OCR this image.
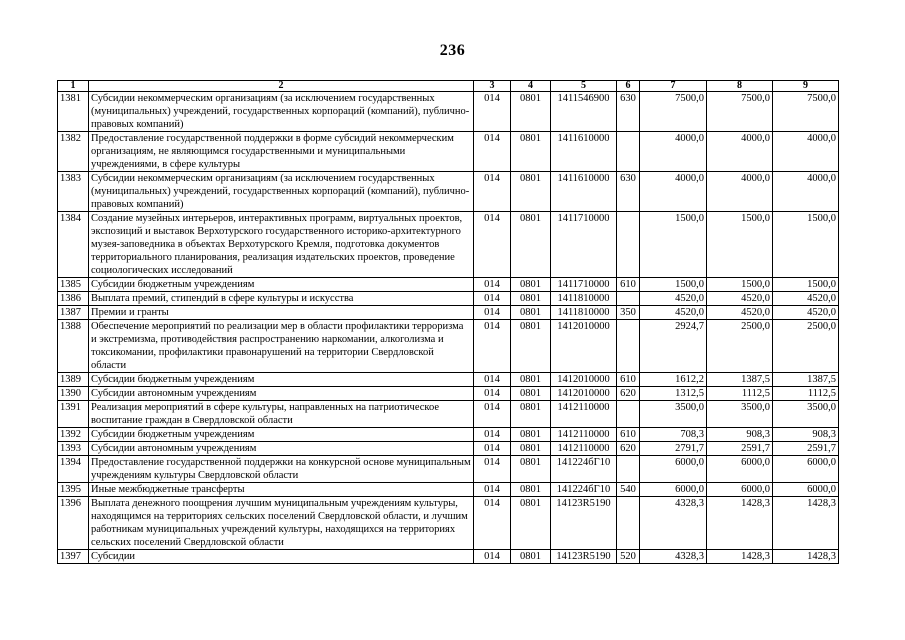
236
1	2	3	4	5	6	7	8	9
1381	Субсидии некоммерческим организациям (за исключением государственных (муниципальных) учреждений, государственных корпораций (компаний), публично-правовых компаний)	014	0801	1411546900	630	7500,0	7500,0	7500,0
1382	Предоставление государственной поддержки в форме субсидий некоммерческим организациям, не являющимся государственными и муниципальными учреждениями, в сфере культуры	014	0801	1411610000		4000,0	4000,0	4000,0
1383	Субсидии некоммерческим организациям (за исключением государственных (муниципальных) учреждений, государственных корпораций (компаний), публично-правовых компаний)	014	0801	1411610000	630	4000,0	4000,0	4000,0
1384	Создание музейных интерьеров, интерактивных программ, виртуальных проектов, экспозиций и выставок Верхотурского государственного историко-архитектурного музея-заповедника в объектах Верхотурского Кремля, подготовка документов территориального планирования, реализация издательских проектов, проведение социологических исследований	014	0801	1411710000		1500,0	1500,0	1500,0
1385	Субсидии бюджетным учреждениям	014	0801	1411710000	610	1500,0	1500,0	1500,0
1386	Выплата премий, стипендий в сфере культуры и искусства	014	0801	1411810000		4520,0	4520,0	4520,0
1387	Премии и гранты	014	0801	1411810000	350	4520,0	4520,0	4520,0
1388	Обеспечение мероприятий по реализации мер в области профилактики терроризма и экстремизма, противодействия распространению наркомании, алкоголизма и токсикомании, профилактики правонарушений на территории Свердловской области	014	0801	1412010000		2924,7	2500,0	2500,0
1389	Субсидии бюджетным учреждениям	014	0801	1412010000	610	1612,2	1387,5	1387,5
1390	Субсидии автономным учреждениям	014	0801	1412010000	620	1312,5	1112,5	1112,5
1391	Реализация мероприятий в сфере культуры, направленных на патриотическое воспитание граждан в Свердловской области	014	0801	1412110000		3500,0	3500,0	3500,0
1392	Субсидии бюджетным учреждениям	014	0801	1412110000	610	708,3	908,3	908,3
1393	Субсидии автономным учреждениям	014	0801	1412110000	620	2791,7	2591,7	2591,7
1394	Предоставление государственной поддержки на конкурсной основе муниципальным учреждениям культуры Свердловской области	014	0801	141224бГ10		6000,0	6000,0	6000,0
1395	Иные межбюджетные трансферты	014	0801	141224бГ10	540	6000,0	6000,0	6000,0
1396	Выплата денежного поощрения лучшим муниципальным учреждениям культуры, находящимся на территориях сельских поселений Свердловской области, и лучшим работникам муниципальных учреждений культуры, находящихся на территориях сельских поселений Свердловской области	014	0801	14123R5190		4328,3	1428,3	1428,3
1397	Субсидии	014	0801	14123R5190	520	4328,3	1428,3	1428,3
